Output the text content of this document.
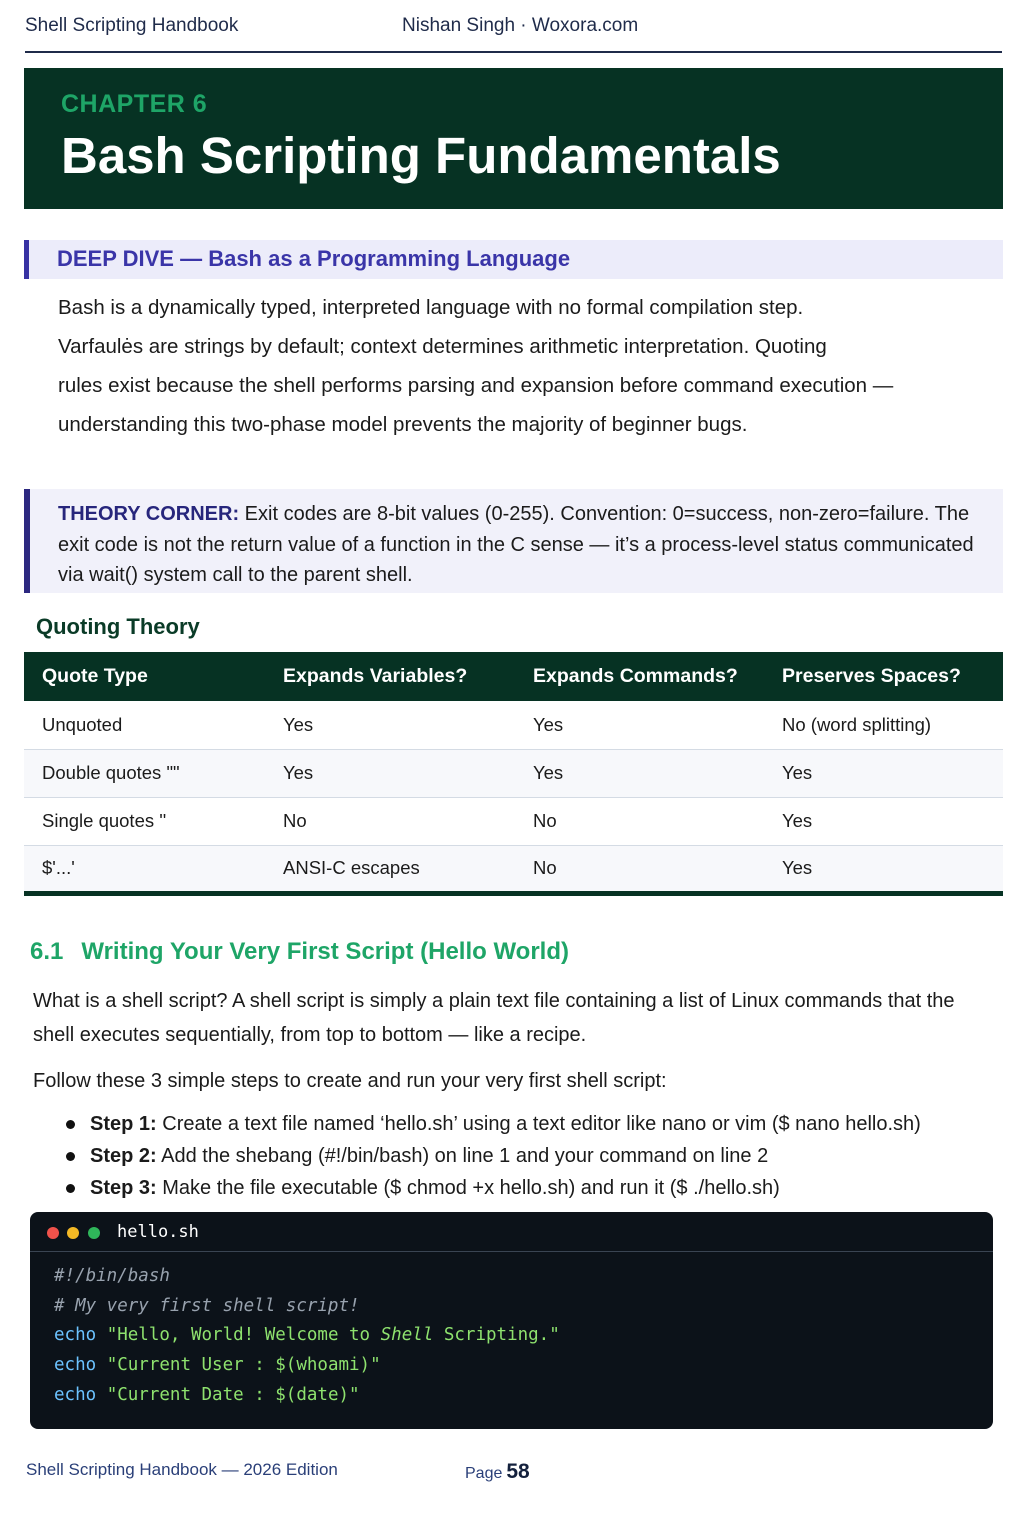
Shell Scripting Handbook	Nishan Singh · Woxora.com
CHAPTER 6
Bash Scripting Fundamentals
DEEP DIVE — Bash as a Programming Language

Bash is a dynamically typed, interpreted language with no formal compilation step.

Varfaulės are strings by default; context determines arithmetic interpretation. Quoting

rules exist because the shell performs parsing and expansion before command execution —

understanding this two-phase model prevents the majority of beginner bugs.

THEORY CORNER: Exit codes are 8-bit values (0-255). Convention: 0=success, non-zero=failure. The exit code is not the return value of a function in the C sense — it’s a process-level status communicated via wait() system call to the parent shell.
Quoting Theory
Quote Type	Expands Variables?	Expands Commands?	Preserves Spaces?
Unquoted	Yes	Yes	No (word splitting)
Double quotes ""	Yes	Yes	Yes
Single quotes ''	No	No	Yes
$'...'	ANSI-C escapes	No	Yes
6.1 Writing Your Very First Script (Hello World)

What is a shell script? A shell script is simply a plain text file containing a list of Linux commands that the shell executes sequentially, from top to bottom — like a recipe.

Follow these 3 simple steps to create and run your very first shell script:

Step 1: Create a text file named ‘hello.sh’ using a text editor like nano or vim ($ nano hello.sh)
Step 2: Add the shebang (#!/bin/bash) on line 1 and your command on line 2
Step 3: Make the file executable ($ chmod +x hello.sh) and run it ($ ./hello.sh)
hello.sh
#!/bin/bash
# My very first shell script!
echo "Hello, World! Welcome to Shell Scripting."
echo "Current User : $(whoami)"
echo "Current Date : $(date)"
Shell Scripting Handbook — 2026 Edition	Page 58
